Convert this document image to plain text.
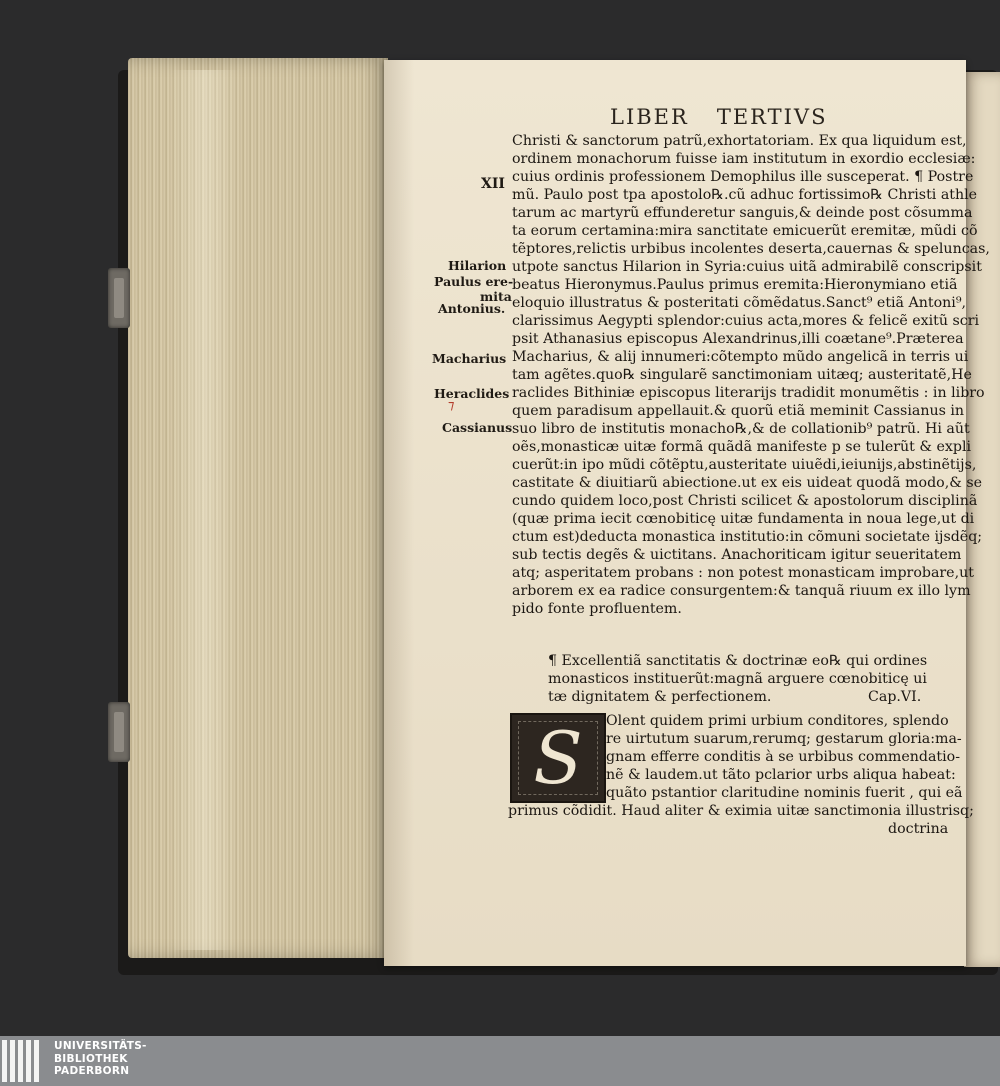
LIBER TERTIVS
XII
Hilarion
Paulus ere-
mita
Antonius.
Macharius
Heraclides
Cassianus
⁊
Christi & sanctorum patrũ,exhortatoriam. Ex qua liquidum est,
ordinem monachorum fuisse iam institutum in exordio ecclesiæ:
cuius ordinis professionem Demophilus ille susceperat. ¶ Postre
mũ. Paulo post tpa apostolo℞.cũ adhuc fortissimo℞ Christi athle
tarum ac martyrũ effunderetur sanguis,& deinde post cõsumma
ta eorum certamina:mira sanctitate emicuerũt eremitæ, mũdi cõ
tẽptores,relictis urbibus incolentes deserta,cauernas & speluncas,
utpote sanctus Hilarion in Syria:cuius uitã admirabilẽ conscripsit
beatus Hieronymus.Paulus primus eremita:Hieronymiano etiã
eloquio illustratus & posteritati cõmẽdatus.Sanct⁹ etiã Antoni⁹,
clarissimus Aegypti splendor:cuius acta,mores & felicẽ exitũ scri
psit Athanasius episcopus Alexandrinus,illi coætane⁹.Præterea
Macharius, & alij innumeri:cõtempto mũdo angelicã in terris ui
tam agẽtes.quo℞ singularẽ sanctimoniam uitæq; austeritatẽ,He
raclides Bithiniæ episcopus literarijs tradidit monumẽtis : in libro
quem paradisum appellauit.& quorũ etiã meminit Cassianus in
suo libro de institutis monacho℞,& de collationib⁹ patrũ. Hi aũt
oẽs,monasticæ uitæ formã quãdã manifeste p se tulerũt & expli
cuerũt:in ipo mũdi cõtẽptu,austeritate uiuẽdi,ieiunijs,abstinẽtijs,
castitate & diuitiarũ abiectione.ut ex eis uideat quodã modo,& se
cundo quidem loco,post Christi scilicet & apostolorum disciplinã
(quæ prima iecit cœnobiticę uitæ fundamenta in noua lege,ut di
ctum est)deducta monastica institutio:in cõmuni societate ijsdẽq;
sub tectis degẽs & uictitans. Anachoriticam igitur seueritatem
atq; asperitatem probans : non potest monasticam improbare,ut
arborem ex ea radice consurgentem:& tanquã riuum ex illo lym
pido fonte profluentem.
¶ Excellentiã sanctitatis & doctrinæ eo℞ qui ordines
monasticos instituerũt:magnã arguere cœnobiticę ui
tæ dignitatem & perfectionem.	Cap.VI.
S Olent quidem primi urbium conditores, splendo
re uirtutum suarum,rerumq; gestarum gloria:ma-
gnam efferre conditis à se urbibus commendatio-
nẽ & laudem.ut tãto pclarior urbs aliqua habeat:
quãto pstantior claritudine nominis fuerit , qui eã
primus cõdidit. Haud aliter & eximia uitæ sanctimonia illustrisq;
doctrina
UNIVERSITÄTS-
BIBLIOTHEK
PADERBORN
